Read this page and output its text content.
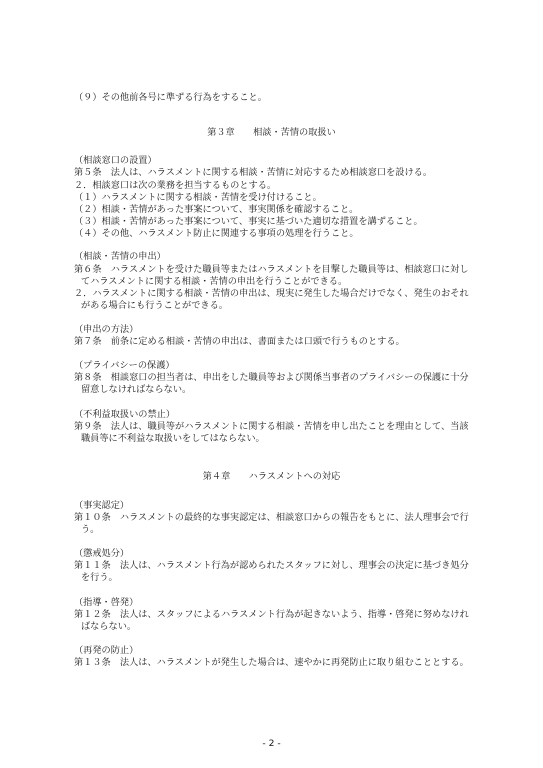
（９）その他前各号に準ずる行為をすること。
第３章　　相談・苦情の取扱い
（相談窓口の設置）
第５条　法人は、ハラスメントに関する相談・苦情に対応するため相談窓口を設ける。
２．相談窓口は次の業務を担当するものとする。
（１）ハラスメントに関する相談・苦情を受け付けること。
（２）相談・苦情があった事案について、事実関係を確認すること。
（３）相談・苦情があった事案について、事実に基づいた適切な措置を講ずること。
（４）その他、ハラスメント防止に関連する事項の処理を行うこと。
（相談・苦情の申出）
第６条　ハラスメントを受けた職員等またはハラスメントを目撃した職員等は、相談窓口に対し
てハラスメントに関する相談・苦情の申出を行うことができる。
２．ハラスメントに関する相談・苦情の申出は、現実に発生した場合だけでなく、発生のおそれ
がある場合にも行うことができる。
（申出の方法）
第７条　前条に定める相談・苦情の申出は、書面または口頭で行うものとする。
（プライバシーの保護）
第８条　相談窓口の担当者は、申出をした職員等および関係当事者のプライバシーの保護に十分
留意しなければならない。
（不利益取扱いの禁止）
第９条　法人は、職員等がハラスメントに関する相談・苦情を申し出たことを理由として、当該
職員等に不利益な取扱いをしてはならない。
第４章　　ハラスメントへの対応
（事実認定）
第１０条　ハラスメントの最終的な事実認定は、相談窓口からの報告をもとに、法人理事会で行
う。
（懲戒処分）
第１１条　法人は、ハラスメント行為が認められたスタッフに対し、理事会の決定に基づき処分
を行う。
（指導・啓発）
第１２条　法人は、スタッフによるハラスメント行為が起きないよう、指導・啓発に努めなけれ
ばならない。
（再発の防止）
第１３条　法人は、ハラスメントが発生した場合は、速やかに再発防止に取り組むこととする。
- 2 -
